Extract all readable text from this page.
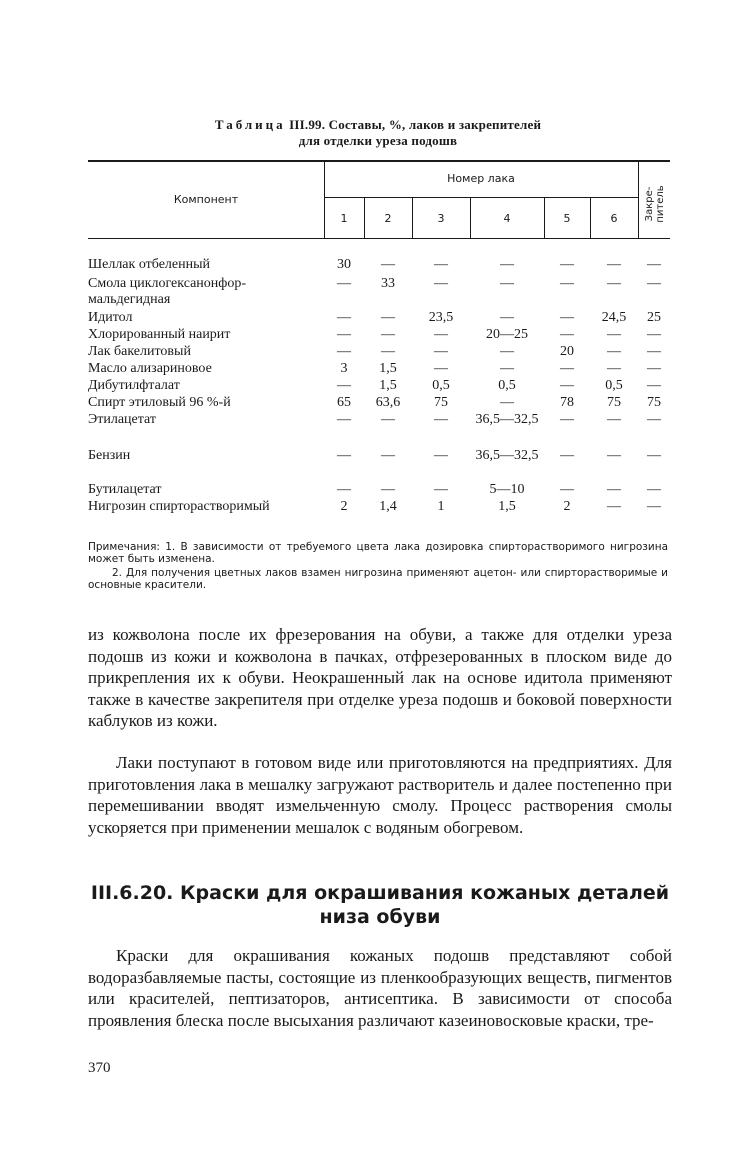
Таблица III.99. Составы, %, лаков и закрепителей
для отделки уреза подошв
Компонент
Номер лака
Закре-
питель
1	2	3	4	5	6
Шеллак отбеленный	30	—	—	—	—	—	—
Смола циклогексанонфор-мальдегидная
—	33	—	—	—	—	—
Идитол	—	—	23,5	—	—	24,5	25
Хлорированный наирит	—	—	—	20—25	—	—	—
Лак бакелитовый	—	—	—	—	20	—	—
Масло ализариновое	3	1,5	—	—	—	—	—
Дибутилфталат	—	1,5	0,5	0,5	—	0,5	—
Спирт этиловый 96 %-й	65	63,6	75	—	78	75	75
Этилацетат	—	—	—	36,5—32,5	—	—	—
Бензин	—	—	—	36,5—32,5	—	—	—
Бутилацетат	—	—	—	5—10	—	—	—
Нигрозин спирторастворимый	2	1,4	1	1,5	2	—	—
Примечания: 1. В зависимости от требуемого цвета лака дозировка спирторастворимого нигрозина может быть изменена.
2. Для получения цветных лаков взамен нигрозина применяют ацетон- или спирторастворимые и основные красители.
из кожволона после их фрезерования на обуви, а также для отделки уреза подошв из кожи и кожволона в пачках, отфрезерованных в плоском виде до прикрепления их к обуви. Неокрашенный лак на основе идитола применяют также в качестве закрепителя при отделке уреза подошв и боковой поверхности каблуков из кожи.
Лаки поступают в готовом виде или приготовляются на предприятиях. Для приготовления лака в мешалку загружают растворитель и далее постепенно при перемешивании вводят измельченную смолу. Процесс растворения смолы ускоряется при применении мешалок с водяным обогревом.
III.6.20. Краски для окрашивания кожаных деталей низа обуви
Краски для окрашивания кожаных подошв представляют собой водоразбавляемые пасты, состоящие из пленкообразующих веществ, пигментов или красителей, пептизаторов, антисептика. В зависимости от способа проявления блеска после высыхания различают казеиновосковые краски, тре-
370
